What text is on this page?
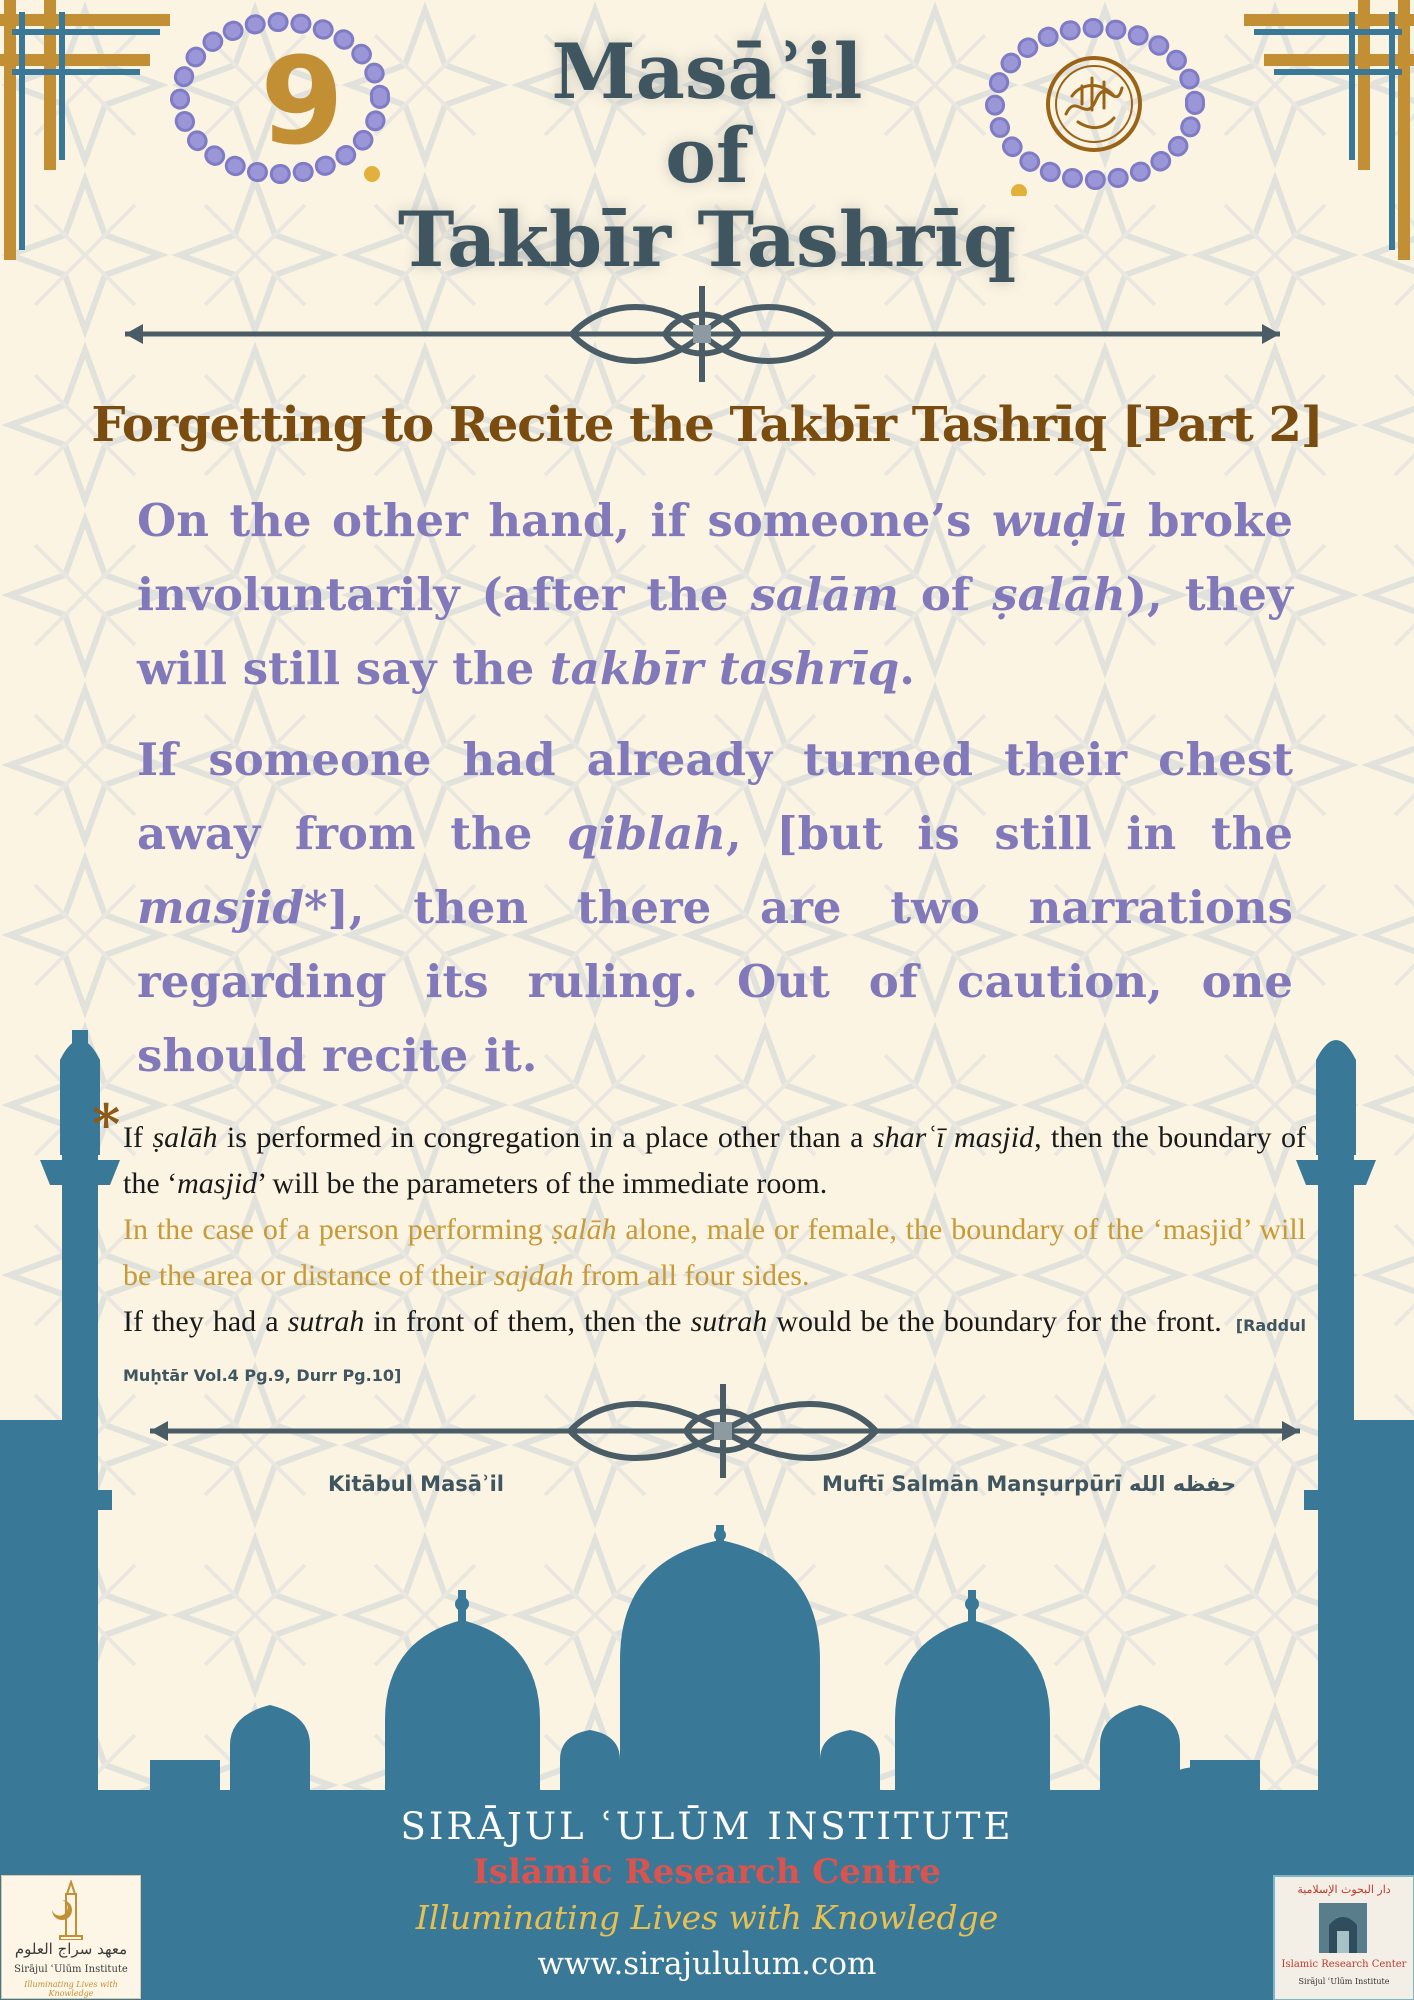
9	Masāʾil
of
Takbīr Tashrīq
Forgetting to Recite the Takbīr Tashrīq [Part 2]

On the other hand, if someone’s wuḍū broke involuntarily (after the salām of ṣalāh), they will still say the takbīr tashrīq.

If someone had already turned their chest away from the qiblah, [but is still in the masjid*], then there are two narrations regarding its ruling. Out of caution, one should recite it.

* If ṣalāh is performed in congregation in a place other than a sharʿī masjid, then the boundary of the ‘masjid’ will be the parameters of the immediate room.

In the case of a person performing ṣalāh alone, male or female, the boundary of the ‘masjid’ will be the area or distance of their sajdah from all four sides.

If they had a sutrah in front of them, then the sutrah would be the boundary for the front. [Raddul Muḥtār Vol.4 Pg.9, Durr Pg.10]

Kitābul Masāʾil	Muftī Salmān Manṣurpūrī حفظه الله

SIRĀJUL ʿULŪM INSTITUTE

Islāmic Research Centre

Illuminating Lives with Knowledge

www.sirajululum.com

معهد سراج العلوم
Sirājul ʿUlūm Institute
Illuminating Lives with Knowledge
دار البحوث الإسلامية
Islamic Research Center
Sirājul ʿUlūm Institute
